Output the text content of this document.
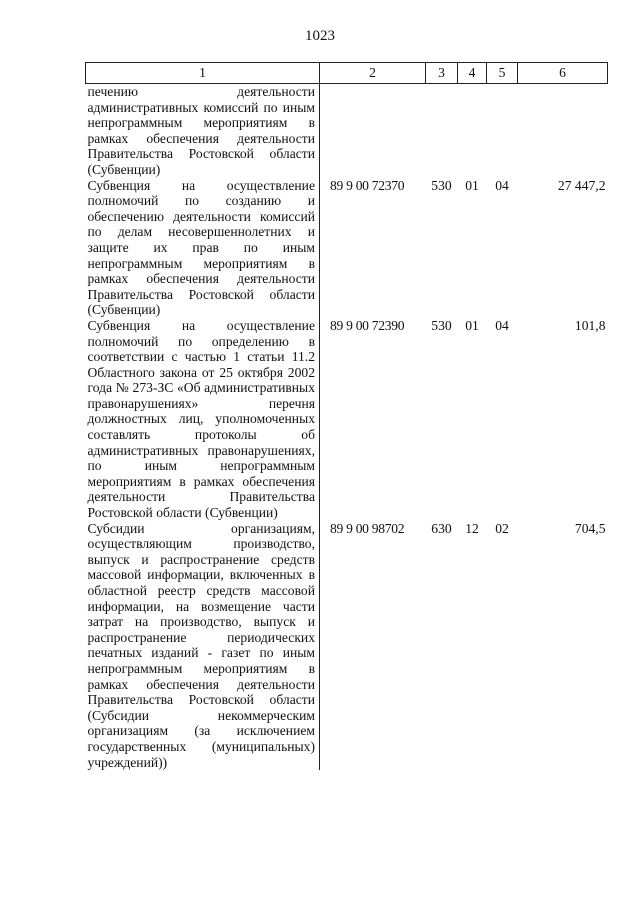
1023
1	2	3	4	5	6
печению деятельности административных комиссий по иным непрограммным мероприятиям в рамках обеспечения деятельности Правительства Ростовской области (Субвенции)					
Субвенция на осуществление полномочий по созданию и обеспечению деятельности комиссий по делам несовершеннолетних и защите их прав по иным непрограммным мероприятиям в рамках обеспечения деятельности Правительства Ростовской области (Субвенции)	89 9 00 72370	530	01	04	27 447,2
Субвенция на осуществление полномочий по определению в соответствии с частью 1 статьи 11.2 Областного закона от 25 октября 2002 года № 273-ЗС «Об административных правонарушениях» перечня должностных лиц, уполномоченных составлять протоколы об административных правонарушениях, по иным непрограммным мероприятиям в рамках обеспечения деятельности Правительства Ростовской области (Субвенции)	89 9 00 72390	530	01	04	101,8
Субсидии организациям, осуществляющим производство, выпуск и распространение средств массовой информации, включенных в областной реестр средств массовой информации, на возмещение части затрат на производство, выпуск и распространение периодических печатных изданий - газет по иным непрограммным мероприятиям в рамках обеспечения деятельности Правительства Ростовской области (Субсидии некоммерческим организациям (за исключением государственных (муниципальных) учреждений))	89 9 00 98702	630	12	02	704,5
